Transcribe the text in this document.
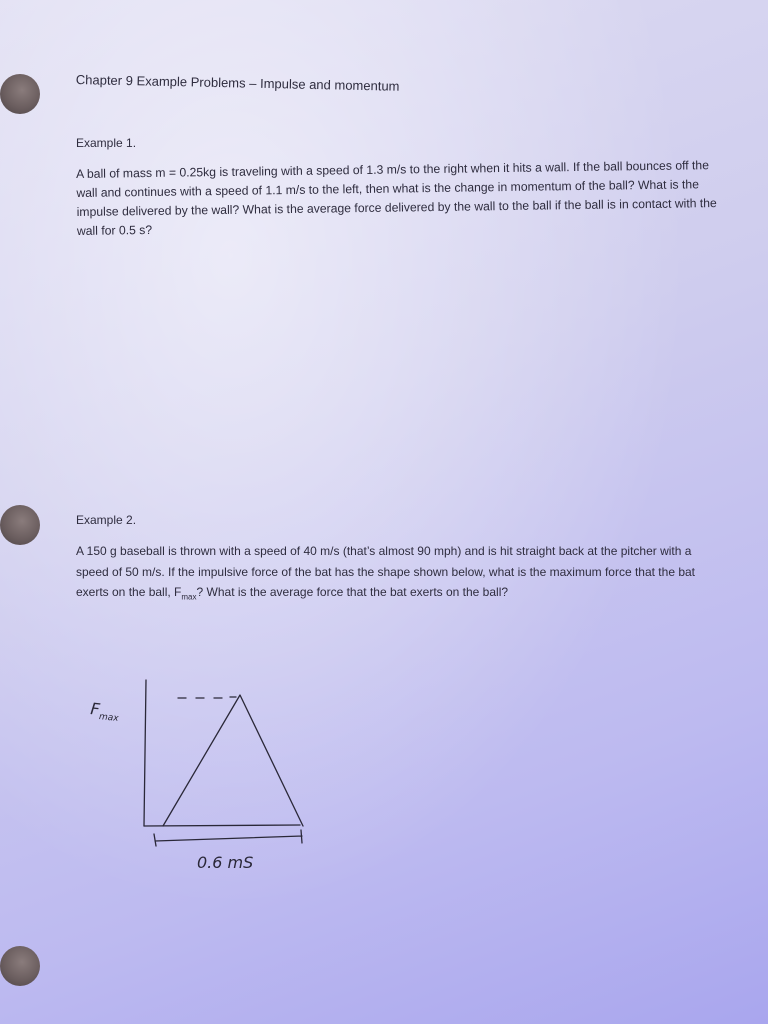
Chapter 9 Example Problems – Impulse and momentum

Example 1.

A ball of mass m = 0.25kg is traveling with a speed of 1.3 m/s to the right when it hits a wall. If the ball bounces off the wall and continues with a speed of 1.1 m/s to the left, then what is the change in momentum of the ball? What is the impulse delivered by the wall? What is the average force delivered by the wall to the ball if the ball is in contact with the wall for 0.5 s?

Example 2.

A 150 g baseball is thrown with a speed of 40 m/s (that’s almost 90 mph) and is hit straight back at the pitcher with a speed of 50 m/s. If the impulsive force of the bat has the shape shown below, what is the maximum force that the bat exerts on the ball, $F_{max}$? What is the average force that the bat exerts on the ball?

$F_{max}$
0.6 mS
